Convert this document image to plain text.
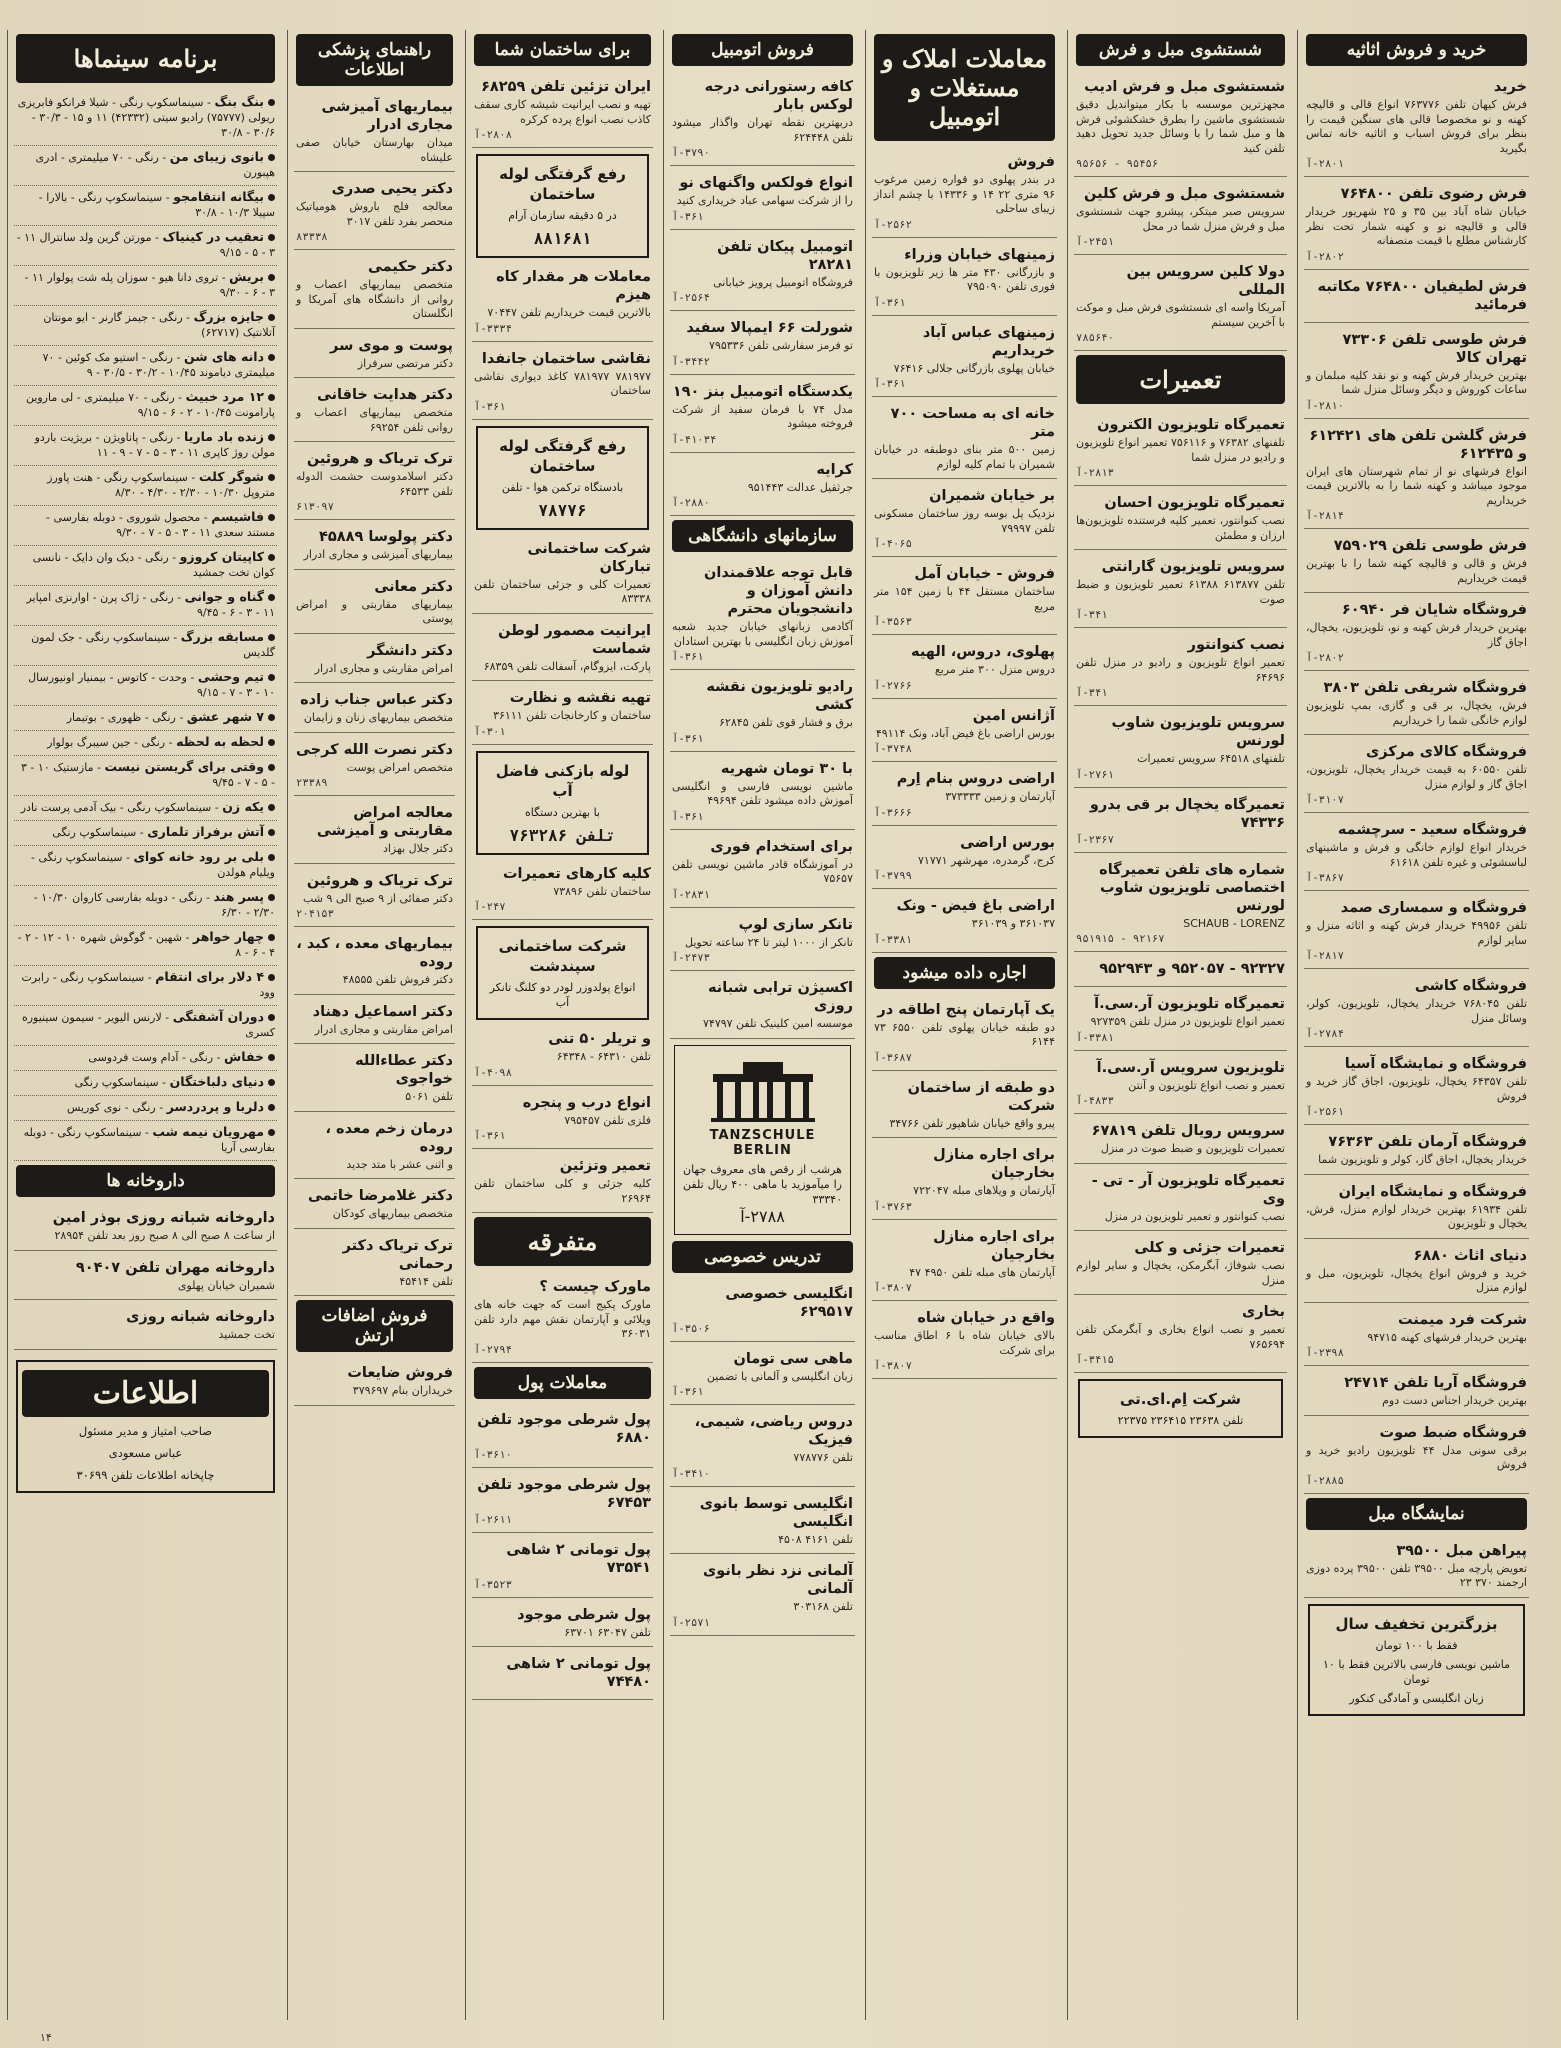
خرید و فروش اثاثیه
خرید
فرش کیهان تلفن ۷۶۳۷۷۶ انواع قالی و قالیچه کهنه و نو مخصوصا قالی های سنگین قیمت را بنظر برای فروش اسباب و اثاثیه خانه تماس بگیرید
۲۸۰۱-آ
فرش رضوی تلفن ۷۶۴۸۰۰
خیابان شاه آباد بین ۳۵ و ۲۵ شهریور خریدار قالی و قالیچه نو و کهنه شمار تحت نظر کارشناس مطلع با قیمت منصفانه
۲۸۰۲-آ
فرش لطیفیان ۷۶۴۸۰۰ مکاتبه فرمائید
فرش طوسی تلفن ۷۳۳۰۶ تهران کالا
بهترین خریدار فرش کهنه و نو نقد کلیه مبلمان و ساعات کوروش و دیگر وسائل منزل شما
۲۸۱۰-آ
فرش گلشن تلفن های ۶۱۲۴۲۱ و ۶۱۲۴۳۵
انواع فرشهای نو از تمام شهرستان های ایران موجود میباشد و کهنه شما را به بالاترین قیمت خریداریم
۲۸۱۴-آ
فرش طوسی تلفن ۷۵۹۰۲۹
فرش و قالی و قالیچه کهنه شما را با بهترین قیمت خریداریم
فروشگاه شایان فر ۶۰۹۴۰
بهترین خریدار فرش کهنه و نو، تلویزیون، یخچال، اجاق گاز
۲۸۰۲-آ
فروشگاه شریفی تلفن ۳۸۰۳
فرش، یخچال، بر قی و گازی، بمپ تلویزیون لوازم خانگی شما را خریداریم
فروشگاه کالای مرکزی
تلفن ۶۰۵۵۰ به قیمت خریدار یخچال، تلویزیون، اجاق گاز و لوازم منزل
۳۱۰۷-آ
فروشگاه سعید - سرچشمه
خریدار انواع لوازم خانگی و فرش و ماشینهای لباسشوئی و غیره تلفن ۶۱۶۱۸
۳۸۶۷-آ
فروشگاه و سمساری صمد
تلفن ۴۹۹۵۶ خریدار فرش کهنه و اثاثه منزل و سایر لوازم
۲۸۱۷-آ
فروشگاه کاشی
تلفن ۷۶۸۰۴۵ خریدار یخچال، تلویزیون، کولر، وسائل منزل
۲۷۸۴-آ
فروشگاه و نمایشگاه آسیا
تلفن ۶۴۳۵۷ یخچال، تلویزیون، اجاق گاز خرید و فروش
۲۵۶۱-آ
فروشگاه آرمان تلفن ۷۶۳۶۳
خریدار یخچال، اجاق گاز، کولر و تلویزیون شما
فروشگاه و نمایشگاه ایران
تلفن ۶۱۹۳۴ بهترین خریدار لوازم منزل، فرش، یخچال و تلویزیون
دنیای اثاث ۶۸۸۰
خرید و فروش انواع یخچال، تلویزیون، مبل و لوازم منزل
شرکت فرد میمنت
بهترین خریدار فرشهای کهنه ۹۴۷۱۵
۲۳۹۸-آ
فروشگاه آریا تلفن ۲۴۷۱۴
بهترین خریدار اجناس دست دوم
فروشگاه ضبط صوت
برقی سونی مدل ۴۴ تلویزیون رادیو خرید و فروش
۲۸۸۵-آ
نمایشگاه مبل
پیراهن مبل ۳۹۵۰۰
تعویض پارچه مبل ۳۹۵۰۰ تلفن ۳۹۵۰۰ پرده دوزی ارجمند ۳۷۰ ۲۳
بزرگترین تخفیف سال
فقط با ۱۰۰ تومان
ماشین نویسی فارسی بالاترین فقط با ۱۰ تومان
زبان انگلیسی و آمادگی کنکور
شستشوی مبل و فرش
شستشوی مبل و فرش ادیب
مجهزترین موسسه با بکار میتواندیل دقیق شستشوی ماشین را بطرق خشکشوئی فرش ها و مبل شما را با وسائل جدید تحویل دهید تلفن کنید
۹۵۴۵۶ - ۹۵۶۵۶
شستشوی مبل و فرش کلین
سرویس صبر میتکر، پیشرو جهت شستشوی مبل و فرش منزل شما در محل
۲۴۵۱-آ
دولا کلین سرویس بین المللی
آمریکا واسه ای شستشوی فرش مبل و موکت با آخرین سیستم
۷۸۵۶۴۰
تعمیرات
تعمیرگاه تلویزیون الکترون
تلفنهای ۷۶۳۸۲ و ۷۵۶۱۱۶ تعمیر انواع تلویزیون و رادیو در منزل شما
۲۸۱۳-آ
تعمیرگاه تلویزیون احسان
نصب کنوانتور، تعمیر کلیه فرستنده تلویزیون‌ها ارزان و مطمئن
سرویس تلویزیون گارانتی
تلفن ۶۱۳۸۷۷ ۶۱۳۸۸ تعمیر تلویزیون و ضبط صوت
۳۴۱-آ
نصب کنوانتور
تعمیر انواع تلویزیون و رادیو در منزل تلفن ۶۴۶۹۶
۳۴۱-آ
سرویس تلویزیون شاوب لورنس
تلفنهای ۶۴۵۱۸ سرویس تعمیرات
۲۷۶۱-آ
تعمیرگاه یخچال بر قی بدرو ۷۴۳۳۶
۲۳۶۷-آ
شماره های تلفن تعمیرگاه اختصاصی تلویزیون شاوب لورنس
SCHAUB - LORENZ
۹۲۱۶۷ - ۹۵۱۹۱۵
۹۲۳۲۷ - ۹۵۲۰۵۷ و ۹۵۲۹۴۳
تعمیرگاه تلویزیون آر.سی.آ
تعمیر انواع تلویزیون در منزل تلفن ۹۲۷۳۵۹
۳۳۸۱-آ
تلویزیون سرویس آر.سی.آ
تعمیر و نصب انواع تلویزیون و آنتن
۴۸۳۳-آ
سرویس رویال تلفن ۶۷۸۱۹
تعمیرات تلویزیون و ضبط صوت در منزل
تعمیرگاه تلویزیون آر - تی - وی
نصب کنوانتور و تعمیر تلویزیون در منزل
تعمیرات جزئی و کلی
نصب شوفاژ، آبگرمکن، یخچال و سایر لوازم منزل
بخاری
تعمیر و نصب انواع بخاری و آبگرمکن تلفن ۷۶۵۶۹۴
۳۴۱۵-آ
شرکت اِم.ای.تی
تلفن ۲۳۶۳۸ ۲۳۶۴۱۵ ۲۲۳۷۵
معاملات املاک و مستغلات و اتومبیل
فروش
در بندر پهلوی دو قواره زمین مرغوب ۹۶ متری ۲۲ ۱۴ و ۱۴۳۳۶ با چشم انداز زیبای ساحلی
۲۵۶۲-آ
زمینهای خیابان وزراء
و بازرگانی ۴۳۰ متر ها زیر تلویزیون با فوری تلفن ۷۹۵۰۹۰
۳۶۱-آ
زمینهای عباس آباد خریداریم
خیابان پهلوی بازرگانی جلالی ۷۶۴۱۶
۳۶۱-آ
خانه ای به مساحت ۷۰۰ متر
زمین ۵۰۰ متر بنای دوطبقه در خیابان شمیران با تمام کلیه لوازم
بر خیابان شمیران
نزدیک پل بوسه روز ساختمان مسکونی تلفن ۷۹۹۹۷
۴۰۶۵-آ
فروش - خیابان آمل
ساختمان مستقل ۴۴ با زمین ۱۵۴ متر مربع
۳۵۶۳-آ
پهلوی، دروس، الهیه
دروس منزل ۳۰۰ متر مربع
۲۷۶۶-آ
آژانس امین
بورس اراضی باغ فیض آباد، ونک ۴۹۱۱۴
۳۷۴۸-آ
اراضی دروس بنام اِرم
آپارتمان و زمین ۳۷۳۳۳۳
۳۶۶۶-آ
بورس اراضی
کرج، گرمدره، مهرشهر ۷۱۷۷۱
۳۷۹۹-آ
اراضی باغ فیض - ونک
۳۶۱۰۳۷ و ۳۶۱۰۳۹
۳۳۸۱-آ
اجاره داده میشود
یک آپارتمان پنج اطاقه در
دو طبقه خیابان پهلوی تلفن ۶۵۵۰ ۷۳ ۶۱۴۴
۳۶۸۷-آ
دو طبقه از ساختمان شرکت
پیرو واقع خیابان شاهپور تلفن ۳۴۷۶۶
برای اجاره منازل بخارجیان
آپارتمان و ویلاهای مبله ۷۲۲۰۴۷
۳۷۶۳-آ
برای اجاره منازل بخارجیان
آپارتمان های مبله تلفن ۴۹۵۰ ۴۷
۳۸۰۷-آ
واقع در خیابان شاه
بالای خیابان شاه با ۶ اطاق مناسب برای شرکت
۳۸۰۷-آ
فروش اتومبیل
کافه رستورانی درجه لوکس بابار
دربهترین نقطه تهران واگذار میشود تلفن ۶۲۴۴۴۸
۳۷۹۰-آ
انواع فولکس واگنهای نو
را از شرکت سهامی عباد خریداری کنید
۳۶۱-آ
اتومبیل پیکان تلفن ۲۸۲۸۱
فروشگاه اتومبیل پرویز خیابانی
۲۵۶۴-آ
شورلت ۶۶ ایمپالا سفید
تو فرمز سفارشی تلفن ۷۹۵۳۳۶
۳۴۴۲-آ
یکدستگاه اتومبیل بنز ۱۹۰
مدل ۷۴ با فرمان سفید از شرکت فروخته میشود
۴۱۰۳۴-آ
کرایه
جرثقیل عدالت ۹۵۱۴۴۳
۲۸۸۰-آ
سازمانهای دانشگاهی
قابل توجه علاقمندان دانش آموزان و دانشجویان محترم
آکادمی زبانهای خیابان جدید شعبه آموزش زبان انگلیسی با بهترین استادان
۳۶۱-آ
رادیو تلویزیون نقشه کشی
برق و فشار قوی تلفن ۶۲۸۴۵
۳۶۱-آ
با ۳۰ تومان شهریه
ماشین نویسی فارسی و انگلیسی آموزش داده میشود تلفن ۴۹۶۹۴
۳۶۱-آ
برای استخدام فوری
در آموزشگاه قادر ماشین نویسی تلفن ۷۵۶۵۷
۲۸۳۱-آ
تانکر سازی لوپ
تانکر از ۱۰۰۰ لیتر تا ۲۴ ساعته تحویل
۲۴۷۳-آ
اکسیژن ترابی شبانه روزی
موسسه امین کلینیک تلفن ۷۴۷۹۷
TANZSCHULE BERLIN
هرشب از رقص های معروف جهان را میآموزید با ماهی ۴۰۰ ریال تلفن ۳۳۳۴۰
۲۷۸۸-آ
تدریس خصوصی
انگلیسی خصوصی ۶۲۹۵۱۷
۳۵۰۶-آ
ماهی سی تومان
زبان انگلیسی و آلمانی با تضمین
۳۶۱-آ
دروس ریاضی، شیمی، فیزیک
تلفن ۷۷۸۷۷۶
۳۴۱۰-آ
انگلیسی توسط بانوی انگلیسی
تلفن ۴۱۶۱ ۴۵۰۸
آلمانی نزد نظر بانوی آلمانی
تلفن ۳۰۳۱۶۸
۲۵۷۱-آ
برای ساختمان شما
ایران تزئین تلفن ۶۸۲۵۹
تهیه و نصب ایرانیت شیشه کاری سقف کاذب نصب انواع پرده کرکره
۲۸۰۸-آ
رفع گرفتگی لوله ساختمان
در ۵ دقیقه سازمان آرام
۸۸۱۶۸۱
معاملات هر مقدار کاه هیزم
بالاترین قیمت خریداریم تلفن ۷۰۴۴۷
۳۳۳۴-آ
نقاشی ساختمان جانفدا
۷۸۱۹۷۷ ۷۸۱۹۷۷ کاغذ دیواری نقاشی ساختمان
۳۶۱-آ
رفع گرفتگی لوله ساختمان
بادستگاه ترکمن هوا - تلفن
۷۸۷۷۶
شرکت ساختمانی تبارکان
تعمیرات کلی و جزئی ساختمان تلفن ۸۳۳۳۸
ایرانیت مصمور لوطن شماست
پارکت، ایزوگام، آسفالت تلفن ۶۸۳۵۹
تهیه نقشه و نظارت
ساختمان و کارخانجات تلفن ۳۶۱۱۱
۳۰۱-آ
لوله بازکنی فاضل آب
با بهترین دستگاه
تلفن ۷۶۳۲۸۶
کلیه کارهای تعمیرات
ساختمان تلفن ۷۳۸۹۶
۲۴۷-آ
شرکت ساختمانی سپندشت
انواع پولدوزر لودر دو کلنگ تانکر آب
و تریلر ۵۰ تنی
تلفن ۶۴۳۱۰ - ۶۴۳۴۸
۴۰۹۸-آ
انواع درب و پنجره
فلزی تلفن ۷۹۵۴۵۷
۳۶۱-آ
تعمیر وتزئین
کلیه جزئی و کلی ساختمان تلفن ۲۶۹۶۴
متفرقه
ماورک چیست ؟
ماورک پکیج است که جهت خانه های ویلائی و آپارتمان نقش مهم دارد تلفن ۳۶۰۳۱
۲۷۹۴-آ
معاملات پول
پول شرطی موجود تلفن ۶۸۸۰
۳۶۱۰-آ
پول شرطی موجود تلفن ۶۷۴۵۳
۲۶۱۱-آ
پول تومانی ۲ شاهی ۷۳۵۴۱
۳۵۲۳-آ
پول شرطی موجود
تلفن ۶۳۰۴۷ ۶۳۷۰۱
پول تومانی ۲ شاهی ۷۴۴۸۰
راهنمای پزشکی اطلاعات
بیماریهای آمیزشی مجاری ادرار
میدان بهارستان خیابان صفی علیشاه
دکتر یحیی صدری
معالجه فلج باروش هومیاتیک منحصر بفرد تلفن ۳۰۱۷
۸۳۳۳۸
دکتر حکیمی
متخصص بیماریهای اعصاب و روانی از دانشگاه های آمریکا و انگلستان
پوست و موی سر
دکتر مرتضی سرفراز
دکتر هدایت خاقانی
متخصص بیماریهای اعصاب و روانی تلفن ۶۹۲۵۴
ترک تریاک و هروئین
دکتر اسلامدوست حشمت الدوله تلفن ۶۴۵۳۳
۶۱۳۰۹۷
دکتر پولوسا ۴۵۸۸۹
بیماریهای آمیزشی و مجاری ادرار
دکتر معانی
بیماریهای مقاربتی و امراض پوستی
دکتر دانشگر
امراض مقاربتی و مجاری ادرار
دکتر عباس جناب زاده
متخصص بیماریهای زنان و زایمان
دکتر نصرت الله کرجی
متخصص امراض پوست
۲۳۳۸۹
معالجه امراض مقاربتی و آمیزشی
دکتر جلال بهزاد
ترک تریاک و هروئین
دکتر صفائی از ۹ صبح الی ۹ شب
۲۰۴۱۵۳
بیماریهای معده ، کبد ، روده
دکتر فروش تلفن ۴۸۵۵۵
دکتر اسماعیل دهناد
امراض مقاربتی و مجاری ادرار
دکتر عطاءالله خواجوی
تلفن ۵۰۶۱
درمان زخم معده ، روده
و اثنی عشر با متد جدید
دکتر غلامرضا خاتمی
متخصص بیماریهای کودکان
ترک تریاک دکتر رحمانی
تلفن ۴۵۴۱۴
فروش اضافات ارتش
فروش ضایعات
خریداران بنام ۳۷۹۶۹۷
برنامه سینماها
بنگ بنگ - سینماسکوپ رنگی - شیلا فرانکو فابریزی ریولی (۷۵۷۷۷) رادیو سیتی (۴۲۳۳۲) ۱۱ و ۱۵ - ۳۰/۳ - ۳۰/۶ - ۳۰/۸
بانوی زیبای من - رنگی - ۷۰ میلیمتری - ادری هپبورن
بیگانه انتقامجو - سینماسکوپ رنگی - بالارا - سپیلا ۱۰/۳ - ۳۰/۸
تعقیب در کینیاک - مورتن گرین ولد سانترال ۱۱ - ۳ - ۵ - ۹/۱۵
بریش - تروی دانا هیو - سوزان پله شت پولوار ۱۱ - ۳ - ۶ - ۹/۳۰
جایزه بزرگ - رنگی - جیمز گارنر - ایو مونتان آتلانتیک (۶۲۷۱۷)
دانه های شن - رنگی - استیو مک کوئین - ۷۰ میلیمتری دیاموند ۱۰/۴۵ - ۳۰/۲ - ۳۰/۵ - ۹
۱۲ مرد خبیث - رنگی - ۷۰ میلیمتری - لی ماروین پارامونت ۱۰/۴۵ - ۲ - ۶ - ۹/۱۵
زنده باد ماریا - رنگی - پاناویژن - بریژیت باردو مولن روژ کاپری ۱۱ - ۳ - ۵ - ۷ - ۹ - ۱۱
شوگر کلت - سینماسکوپ رنگی - هنت پاورز متروپل ۱۰/۳۰ - ۲/۳۰ - ۴/۳۰ - ۸/۳۰
فاشیسم - محصول شوروی - دوبله بفارسی - مستند سعدی ۱۱ - ۳ - ۵ - ۷ - ۹/۳۰
کاپیتان کروزو - رنگی - دیک وان دایک - نانسی کوان تخت جمشید
گناه و جوانی - رنگی - ژاک پرن - اوارنزی امپایر ۱۱ - ۳ - ۶ - ۹/۴۵
مسابقه بزرگ - سینماسکوپ رنگی - جک لمون گلدیس
تیم وحشی - وحدت - کاتوس - بیمنیار اونیورسال ۱۰ - ۳ - ۷ - ۹/۱۵
۷ شهر عشق - رنگی - ظهوری - بوتیمار
لحظه به لحظه - رنگی - جین سیبرگ بولوار
وقتی برای گریستن نیست - مازستیک ۱۰ - ۳ - ۵ - ۷ - ۹/۴۵
یکه زن - سینماسکوپ رنگی - بیک آدمی پرست نادر
آتش برفراز تلماری - سینماسکوپ رنگی
بلی بر رود خانه کوای - سینماسکوپ رنگی - ویلیام هولدن
پسر هند - رنگی - دوبله بفارسی کاروان ۱۰/۳۰ - ۲/۳۰ - ۶/۳۰
چهار خواهر - شهین - گوگوش شهره ۱۰ - ۱۲ - ۲ - ۴ - ۶ - ۸
۴ دلار برای انتقام - سینماسکوپ رنگی - رابرت وود
دوران آشفتگی - لارنس الیویر - سیمون سینیوره کسری
خفاش - رنگی - آدام وست فردوسی
دنیای دلباختگان - سینماسکوپ رنگی
دلربا و پردردسر - رنگی - نوی کوریس
مهرویان نیمه شب - سینماسکوپ رنگی - دوبله بفارسی آریا
داروخانه ها
داروخانه شبانه روزی بوذر امین
از ساعت ۸ صبح الی ۸ صبح روز بعد تلفن ۲۸۹۵۴
داروخانه مهران تلفن ۹۰۴۰۷
شمیران خیابان پهلوی
داروخانه شبانه روزی
تخت جمشید
اطلاعات
صاحب امتیاز و مدیر مسئول
عباس مسعودی
چاپخانه اطلاعات تلفن ۳۰۶۹۹
۱۴
